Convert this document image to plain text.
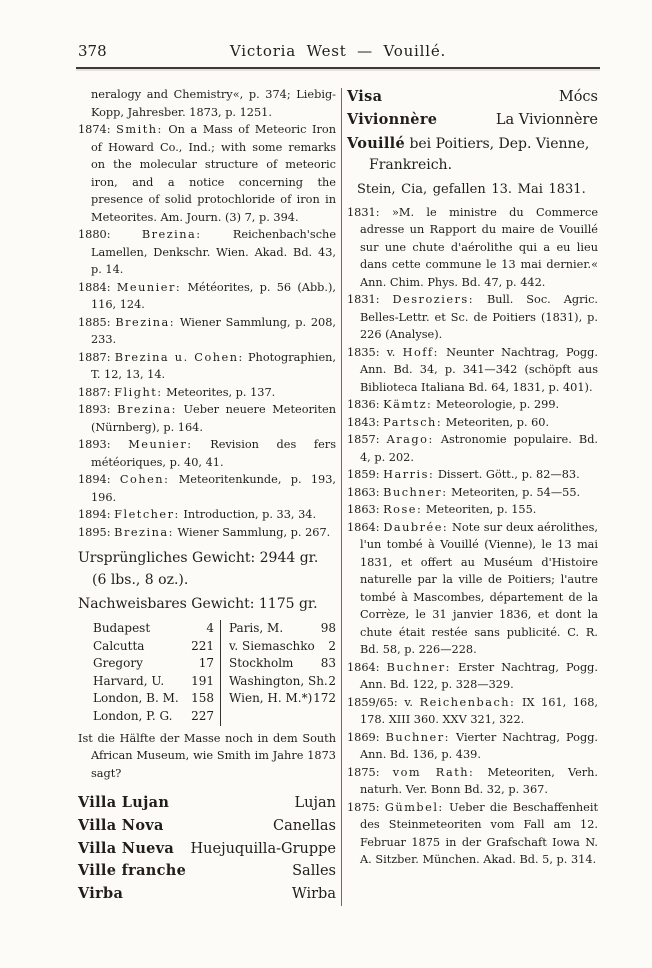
378	Victoria West — Vouillé.

neralogy and Chemistry«, p. 374; Liebig-Kopp, Jahresber. 1873, p. 1251.

1874: Smith: On a Mass of Meteoric Iron of Howard Co., Ind.; with some remarks on the molecular structure of meteoric iron, and a notice concerning the presence of solid protochloride of iron in Meteorites. Am. Journ. (3) 7, p. 394.

1880:	Brezina:	Reichenbach'sche Lamellen, Denkschr. Wien. Akad. Bd. 43, p. 14.

1884: Meunier: Météorites, p. 56 (Abb.), 116, 124.

1885: Brezina: Wiener Sammlung, p. 208, 233.

1887: Brezina u. Cohen: Photographien, T. 12, 13, 14.

1887: Flight: Meteorites, p. 137.

1893: Brezina: Ueber neuere Meteoriten (Nürnberg), p. 164.

1893: Meunier: Revision des fers météoriques, p. 40, 41.

1894: Cohen: Meteoritenkunde, p. 193, 196.

1894: Fletcher: Introduction, p. 33, 34.

1895: Brezina: Wiener Sammlung, p. 267.

Ursprüngliches Gewicht: 2944 gr. (6 lbs., 8 oz.).

Nachweisbares Gewicht: 1175 gr.

Budapest	4 Paris, M.	98
Calcutta	221 v. Siemaschko 2
Gregory	17 Stockholm 83
Harvard, U. 191 Washington, Sh. 2
London, B. M. 158 Wien, H. M.*) 172
London, P. G. 227

Ist die Hälfte der Masse noch in dem South African Museum, wie Smith im Jahre 1873 sagt?

Villa Lujan	Lujan
Villa Nova	Canellas
Villa Nueva Huejuquilla-Gruppe
Ville franche	Salles
Virba	Wirba
Visa	Mócs
Vivionnère	La Vivionnère

Vouillé bei Poitiers, Dep. Vienne, Frankreich.

Stein, Cia, gefallen 13. Mai 1831.

1831: »M. le ministre du Commerce adresse un Rapport du maire de Vouillé sur une chute d'aérolithe qui a eu lieu dans cette commune le 13 mai dernier.« Ann. Chim. Phys. Bd. 47, p. 442.

1831: Desroziers: Bull. Soc. Agric. Belles-Lettr. et Sc. de Poitiers (1831), p. 226 (Analyse).

1835: v. Hoff: Neunter Nachtrag, Pogg. Ann. Bd. 34, p. 341—342 (schöpft aus Biblioteca Italiana Bd. 64, 1831, p. 401).

1836: Kämtz: Meteorologie, p. 299.

1843: Partsch: Meteoriten, p. 60.

1857: Arago: Astronomie populaire. Bd. 4, p. 202.

1859: Harris: Dissert. Gött., p. 82—83.

1863: Buchner: Meteoriten, p. 54—55.

1863: Rose: Meteoriten, p. 155.

1864: Daubrée: Note sur deux aérolithes, l'un tombé à Vouillé (Vienne), le 13 mai 1831, et offert au Muséum d'Histoire naturelle par la ville de Poitiers; l'autre tombé à Mascombes, département de la Corrèze, le 31 janvier 1836, et dont la chute était restée sans publicité. C. R. Bd. 58, p. 226—228.

1864: Buchner: Erster Nachtrag, Pogg. Ann. Bd. 122, p. 328—329.

1859/65: v. Reichenbach: IX 161, 168, 178. XIII 360. XXV 321, 322.

1869: Buchner: Vierter Nachtrag, Pogg. Ann. Bd. 136, p. 439.

1875: vom Rath: Meteoriten, Verh. naturh. Ver. Bonn Bd. 32, p. 367.

1875: Gümbel: Ueber die Beschaffenheit des Steinmeteoriten vom Fall am 12. Februar 1875 in der Grafschaft Iowa N. A. Sitzber. München. Akad. Bd. 5, p. 314.
